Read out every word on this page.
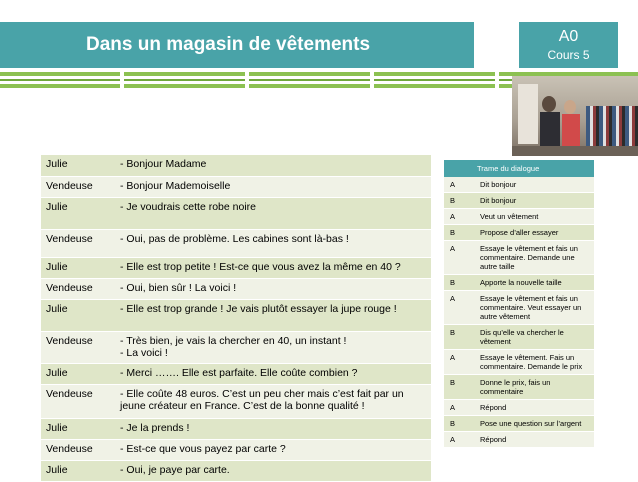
Dans un magasin de vêtements	A0
Cours 5
Julie	- Bonjour Madame
Vendeuse	- Bonjour Mademoiselle
Julie	- Je voudrais cette robe noire
Vendeuse	- Oui, pas de problème. Les cabines sont là-bas !
Julie	- Elle est trop petite ! Est-ce que vous avez la même en 40 ?
Vendeuse	- Oui, bien sûr ! La voici !
Julie	- Elle est trop grande ! Je vais plutôt essayer la jupe rouge !
Vendeuse	- Très bien, je vais la chercher en 40, un instant !
- La voici !

Julie	- Merci ……. Elle est parfaite. Elle coûte combien ?
Vendeuse	- Elle coûte 48 euros. C’est un peu cher mais c’est fait par un jeune créateur en France. C’est de la bonne qualité !
Julie	- Je la prends !
Vendeuse	- Est-ce que vous payez par carte ?
Julie	- Oui, je paye par carte.
Trame du dialogue	
A	Dit bonjour
B	Dit bonjour
A	Veut un vêtement
B	Propose d’aller essayer
A	Essaye le vêtement et fais un commentaire. Demande une autre taille
B	Apporte la nouvelle taille
A	Essaye le vêtement et fais un commentaire. Veut essayer un autre vêtement
B	Dis qu’elle va chercher le vêtement
A	Essaye le vêtement. Fais un commentaire. Demande le prix
B	Donne le prix, fais un commentaire
A	Répond
B	Pose une question sur l’argent
A	Répond
